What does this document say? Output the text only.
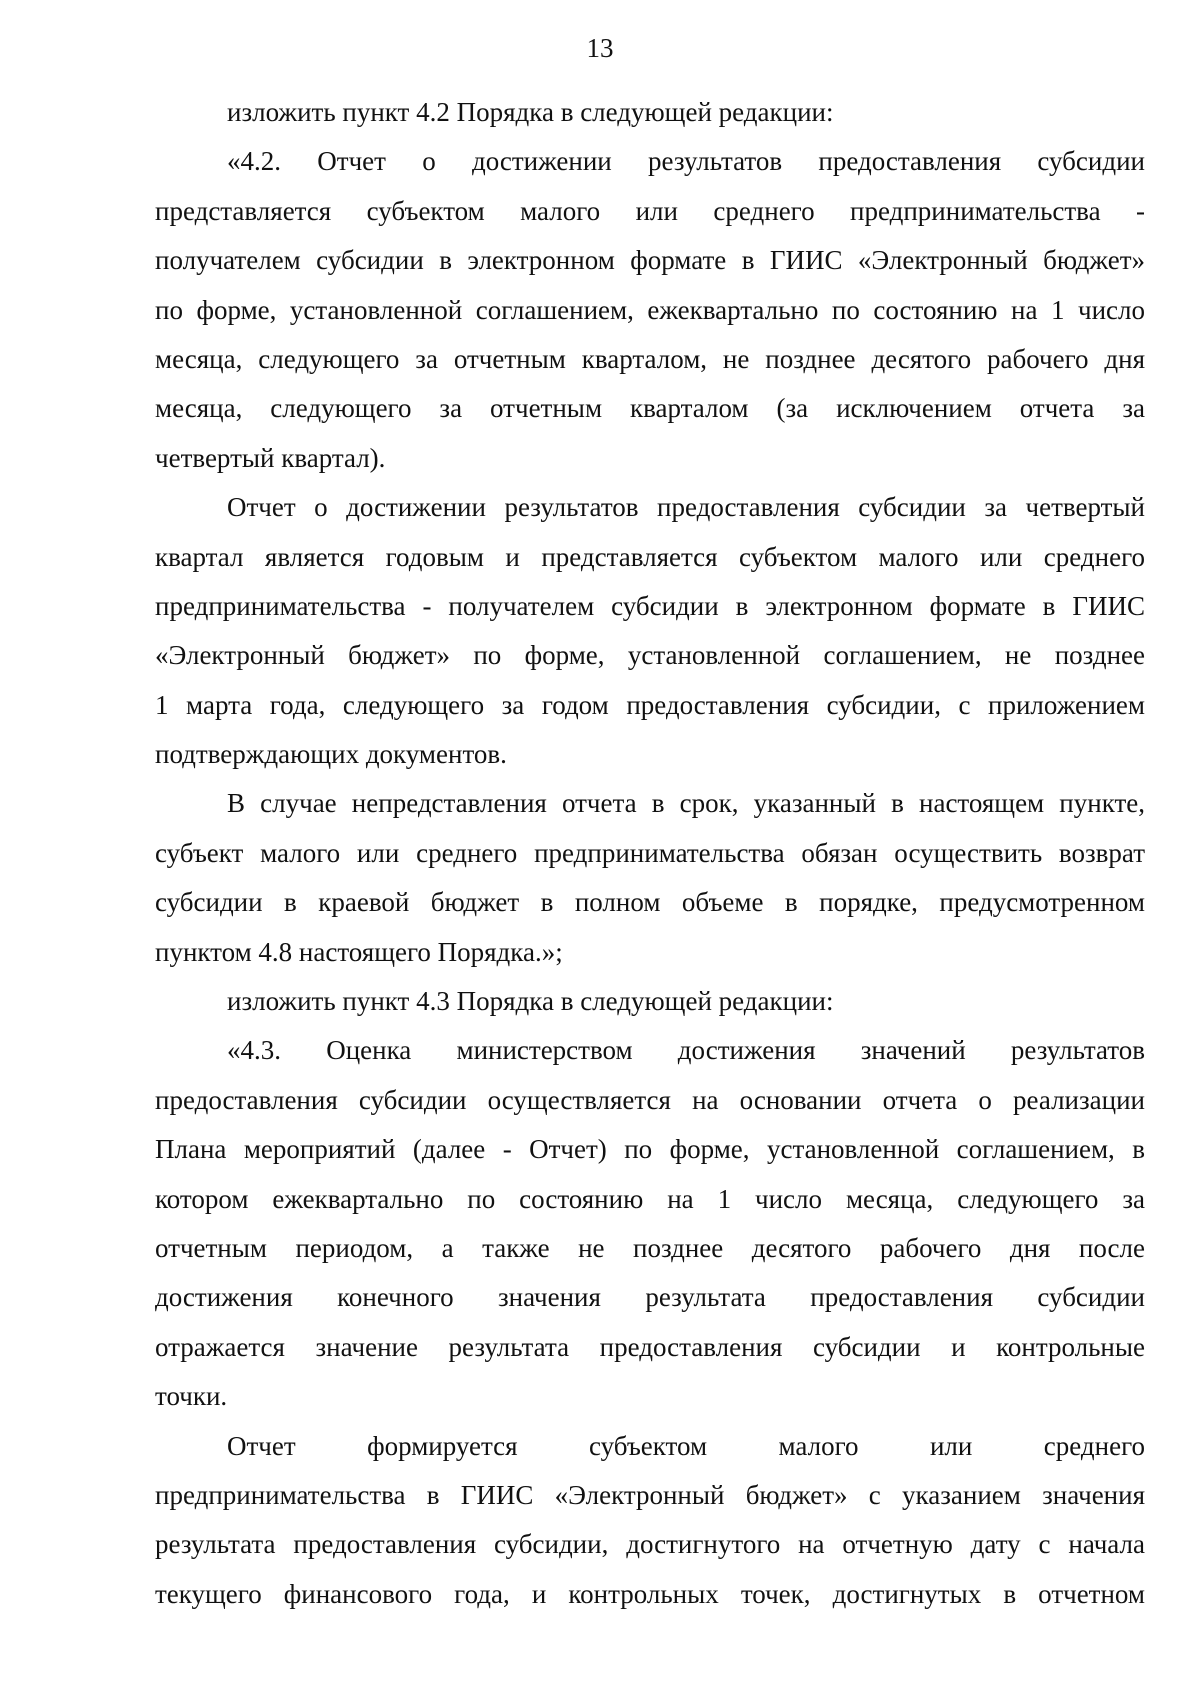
13
изложить пункт 4.2 Порядка в следующей редакции:
«4.2. Отчет о достижении результатов предоставления субсидии
представляется субъектом малого или среднего предпринимательства -
получателем субсидии в электронном формате в ГИИС «Электронный бюджет»
по форме, установленной соглашением, ежеквартально по состоянию на 1 число
месяца, следующего за отчетным кварталом, не позднее десятого рабочего дня
месяца, следующего за отчетным кварталом (за исключением отчета за
четвертый квартал).
Отчет о достижении результатов предоставления субсидии за четвертый
квартал является годовым и представляется субъектом малого или среднего
предпринимательства - получателем субсидии в электронном формате в ГИИС
«Электронный бюджет» по форме, установленной соглашением, не позднее
1 марта года, следующего за годом предоставления субсидии, с приложением
подтверждающих документов.
В случае непредставления отчета в срок, указанный в настоящем пункте,
субъект малого или среднего предпринимательства обязан осуществить возврат
субсидии в краевой бюджет в полном объеме в порядке, предусмотренном
пунктом 4.8 настоящего Порядка.»;
изложить пункт 4.3 Порядка в следующей редакции:
«4.3. Оценка министерством достижения значений результатов
предоставления субсидии осуществляется на основании отчета о реализации
Плана мероприятий (далее - Отчет) по форме, установленной соглашением, в
котором ежеквартально по состоянию на 1 число месяца, следующего за
отчетным периодом, а также не позднее десятого рабочего дня после
достижения конечного значения результата предоставления субсидии
отражается значение результата предоставления субсидии и контрольные
точки.
Отчет формируется субъектом малого или среднего
предпринимательства в ГИИС «Электронный бюджет» с указанием значения
результата предоставления субсидии, достигнутого на отчетную дату с начала
текущего финансового года, и контрольных точек, достигнутых в отчетном
